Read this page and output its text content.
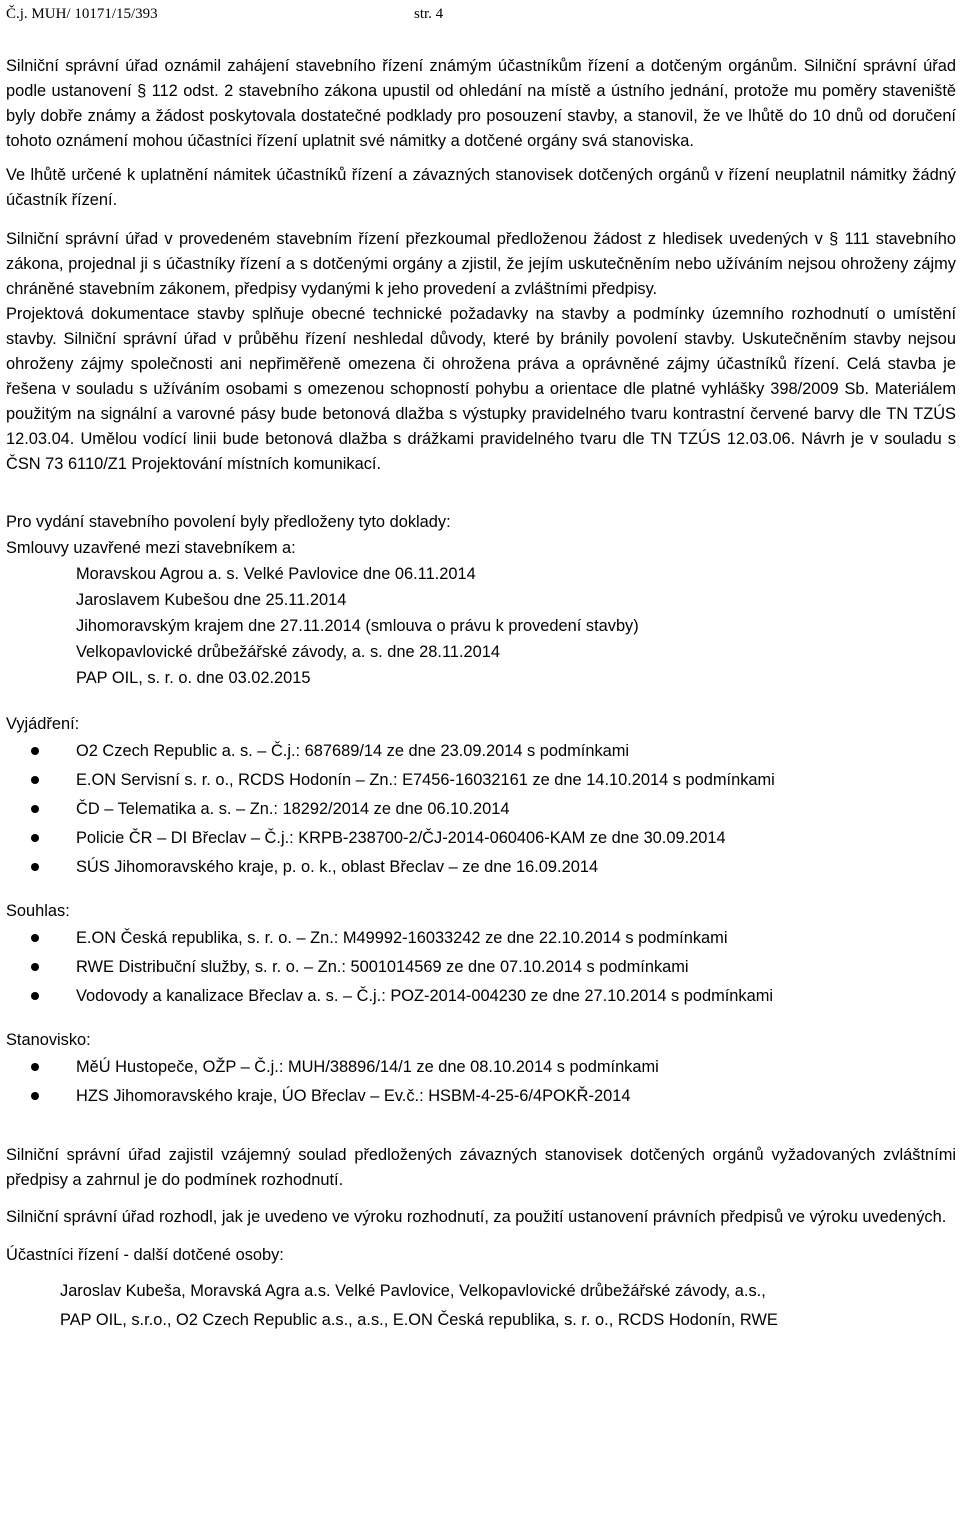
Č.j. MUH/ 10171/15/393	str. 4

Silniční správní úřad oznámil zahájení stavebního řízení známým účastníkům řízení a dotčeným orgánům. Silniční správní úřad podle ustanovení § 112 odst. 2 stavebního zákona upustil od ohledání na místě a ústního jednání, protože mu poměry staveniště byly dobře známy a žádost poskytovala dostatečné podklady pro posouzení stavby, a stanovil, že ve lhůtě do 10 dnů od doručení tohoto oznámení mohou účastníci řízení uplatnit své námitky a dotčené orgány svá stanoviska.

Ve lhůtě určené k uplatnění námitek účastníků řízení a závazných stanovisek dotčených orgánů v řízení neuplatnil námitky žádný účastník řízení.

Silniční správní úřad v provedeném stavebním řízení přezkoumal předloženou žádost z hledisek uvedených v § 111 stavebního zákona, projednal ji s účastníky řízení a s dotčenými orgány a zjistil, že jejím uskutečněním nebo užíváním nejsou ohroženy zájmy chráněné stavebním zákonem, předpisy vydanými k jeho provedení a zvláštními předpisy.

Projektová dokumentace stavby splňuje obecné technické požadavky na stavby a podmínky územního rozhodnutí o umístění stavby. Silniční správní úřad v průběhu řízení neshledal důvody, které by bránily povolení stavby. Uskutečněním stavby nejsou ohroženy zájmy společnosti ani nepřiměřeně omezena či ohrožena práva a oprávněné zájmy účastníků řízení. Celá stavba je řešena v souladu s užíváním osobami s omezenou schopností pohybu a orientace dle platné vyhlášky 398/2009 Sb. Materiálem použitým na signální a varovné pásy bude betonová dlažba s výstupky pravidelného tvaru kontrastní červené barvy dle TN TZÚS 12.03.04. Umělou vodící linii bude betonová dlažba s drážkami pravidelného tvaru dle TN TZÚS 12.03.06. Návrh je v souladu s ČSN 73 6110/Z1 Projektování místních komunikací.

Pro vydání stavebního povolení byly předloženy tyto doklady:
Smlouvy uzavřené mezi stavebníkem a:
Moravskou Agrou a. s. Velké Pavlovice dne 06.11.2014
Jaroslavem Kubešou dne 25.11.2014
Jihomoravským krajem dne 27.11.2014 (smlouva o právu k provedení stavby)
Velkopavlovické drůbežářské závody, a. s. dne 28.11.2014
PAP OIL, s. r. o. dne 03.02.2015
Vyjádření:
O2 Czech Republic a. s. – Č.j.: 687689/14 ze dne 23.09.2014 s podmínkami
E.ON Servisní s. r. o., RCDS Hodonín – Zn.: E7456-16032161 ze dne 14.10.2014 s podmínkami
ČD – Telematika a. s. – Zn.: 18292/2014 ze dne 06.10.2014
Policie ČR – DI Břeclav – Č.j.: KRPB-238700-2/ČJ-2014-060406-KAM ze dne 30.09.2014
SÚS Jihomoravského kraje, p. o. k., oblast Břeclav – ze dne 16.09.2014
Souhlas:
E.ON Česká republika, s. r. o. – Zn.: M49992-16033242 ze dne 22.10.2014 s podmínkami
RWE Distribuční služby, s. r. o. – Zn.: 5001014569 ze dne 07.10.2014 s podmínkami
Vodovody a kanalizace Břeclav a. s. – Č.j.: POZ-2014-004230 ze dne 27.10.2014 s podmínkami
Stanovisko:
MěÚ Hustopeče, OŽP – Č.j.: MUH/38896/14/1 ze dne 08.10.2014 s podmínkami
HZS Jihomoravského kraje, ÚO Břeclav – Ev.č.: HSBM-4-25-6/4POKŘ-2014

Silniční správní úřad zajistil vzájemný soulad předložených závazných stanovisek dotčených orgánů vyžadovaných zvláštními předpisy a zahrnul je do podmínek rozhodnutí.

Silniční správní úřad rozhodl, jak je uvedeno ve výroku rozhodnutí, za použití ustanovení právních předpisů ve výroku uvedených.

Účastníci řízení - další dotčené osoby:
Jaroslav Kubeša, Moravská Agra a.s. Velké Pavlovice, Velkopavlovické drůbežářské závody, a.s.,
PAP OIL, s.r.o., O2 Czech Republic a.s., a.s., E.ON Česká republika, s. r. o., RCDS Hodonín, RWE
